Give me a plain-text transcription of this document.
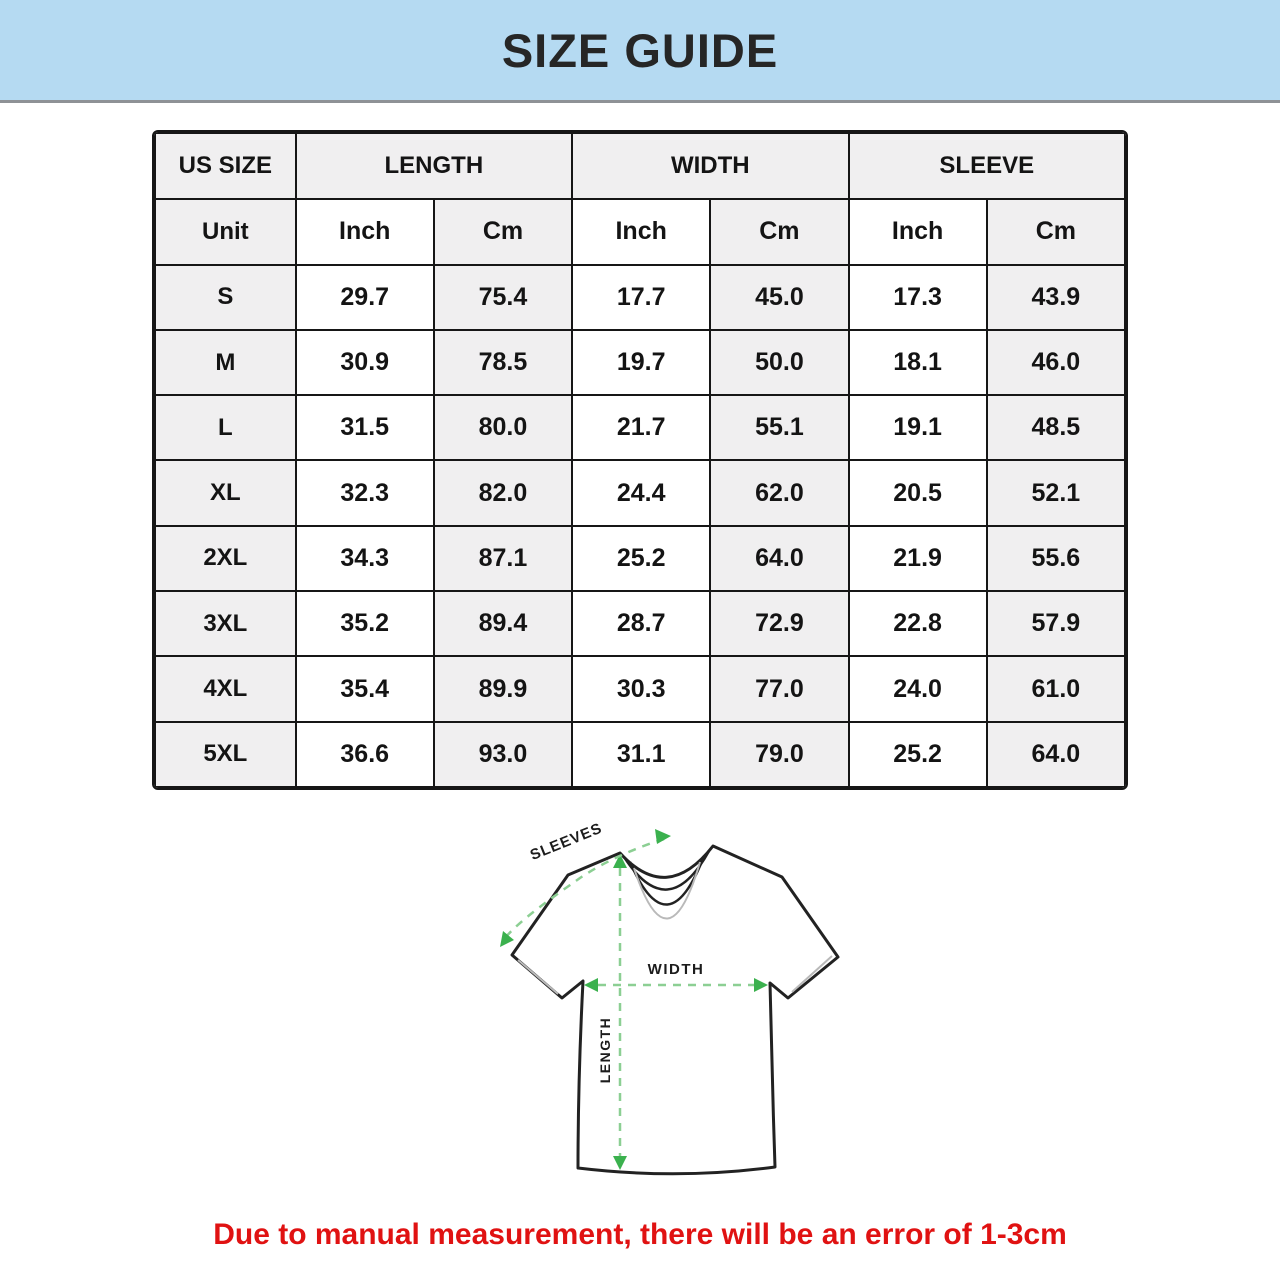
SIZE GUIDE
US SIZE	LENGTH		WIDTH		SLEEVE	
Unit	Inch	Cm	Inch	Cm	Inch	Cm
S	29.7	75.4	17.7	45.0	17.3	43.9
M	30.9	78.5	19.7	50.0	18.1	46.0
L	31.5	80.0	21.7	55.1	19.1	48.5
XL	32.3	82.0	24.4	62.0	20.5	52.1
2XL	34.3	87.1	25.2	64.0	21.9	55.6
3XL	35.2	89.4	28.7	72.9	22.8	57.9
4XL	35.4	89.9	30.3	77.0	24.0	61.0
5XL	36.6	93.0	31.1	79.0	25.2	64.0
LENGTH
WIDTH
SLEEVES
Due to manual measurement, there will be an error of 1-3cm
